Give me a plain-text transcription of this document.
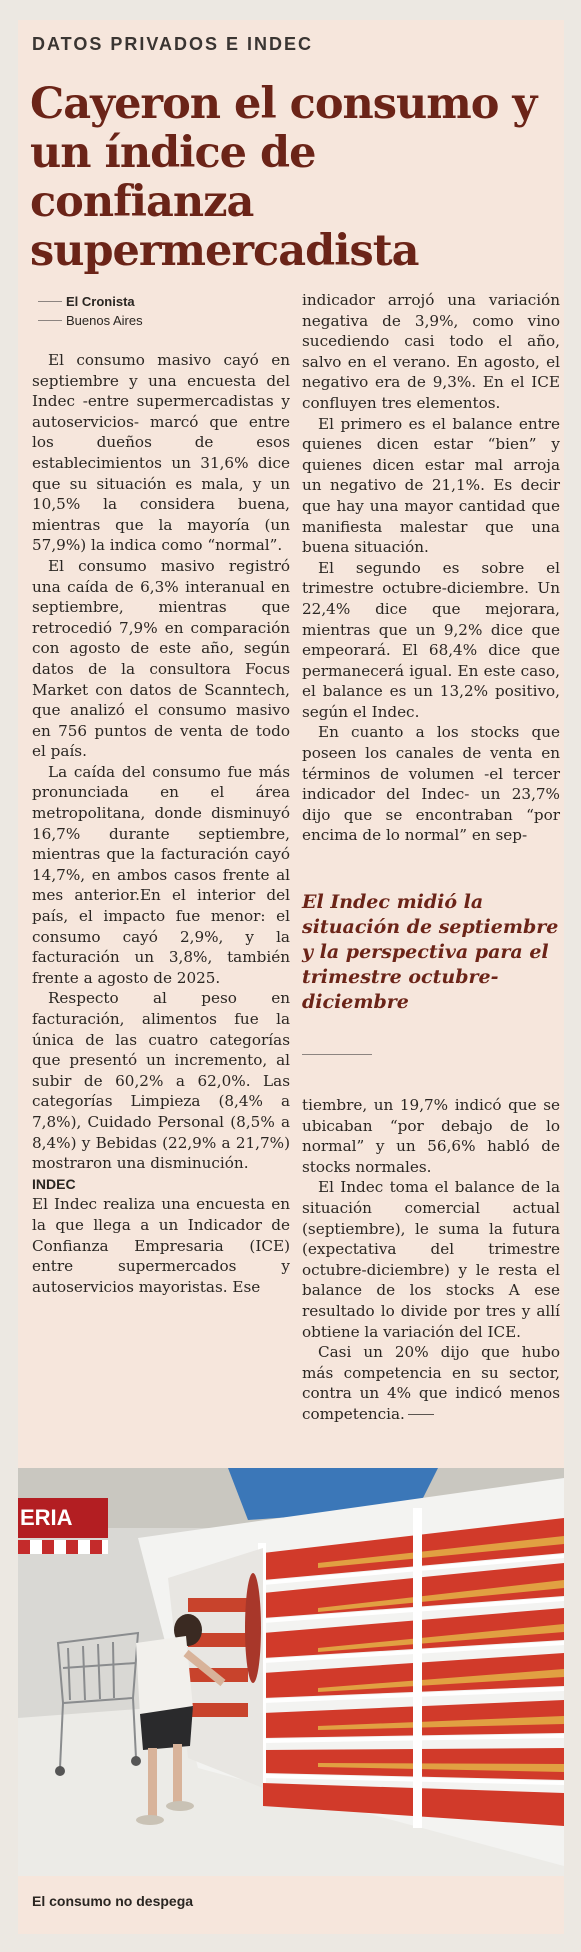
DATOS PRIVADOS E INDEC
Cayeron el consumo y un índice de confianza supermercadista
El Cronista
Buenos Aires

El consumo masivo cayó en septiembre y una encuesta del Indec -entre supermercadistas y autoservicios- marcó que entre los dueños de esos establecimientos un 31,6% dice que su situación es mala, y un 10,5% la considera buena, mientras que la mayoría (un 57,9%) la indica como “normal”.

El consumo masivo registró una caída de 6,3% interanual en septiembre, mientras que retrocedió 7,9% en comparación con agosto de este año, según datos de la consultora Focus Market con datos de Scanntech, que analizó el consumo masivo en 756 puntos de venta de todo el país.

La caída del consumo fue más pronunciada en el área metropolitana, donde disminuyó 16,7% durante septiembre, mientras que la facturación cayó 14,7%, en ambos casos frente al mes anterior.En el interior del país, el impacto fue menor: el consumo cayó 2,9%, y la facturación un 3,8%, también frente a agosto de 2025.

Respecto al peso en facturación, alimentos fue la única de las cuatro categorías que presentó un incremento, al subir de 60,2% a 62,0%. Las categorías Limpieza (8,4% a 7,8%), Cuidado Personal (8,5% a 8,4%) y Bebidas (22,9% a 21,7%) mostraron una disminución.

INDEC

El Indec realiza una encuesta en la que llega a un Indicador de Confianza Empresaria (ICE) entre supermercados y autoservicios mayoristas. Ese

indicador arrojó una variación negativa de 3,9%, como vino sucediendo casi todo el año, salvo en el verano. En agosto, el negativo era de 9,3%. En el ICE confluyen tres elementos.

El primero es el balance entre quienes dicen estar “bien” y quienes dicen estar mal arroja un negativo de 21,1%. Es decir que hay una mayor cantidad que manifiesta malestar que una buena situación.

El segundo es sobre el trimestre octubre-diciembre. Un 22,4% dice que mejorara, mientras que un 9,2% dice que empeorará. El 68,4% dice que permanecerá igual. En este caso, el balance es un 13,2% positivo, según el Indec.

En cuanto a los stocks que poseen los canales de venta en términos de volumen -el tercer indicador del Indec- un 23,7% dijo que se encontraban “por encima de lo normal” en sep-

El Indec midió la situación de septiembre y la perspectiva para el trimestre octubre-diciembre

tiembre, un 19,7% indicó que se ubicaban “por debajo de lo normal” y un 56,6% habló de stocks normales.

El Indec toma el balance de la situación comercial actual (septiembre), le suma la futura (expectativa del trimestre octubre-diciembre) y le resta el balance de los stocks A ese resultado lo divide por tres y allí obtiene la variación del ICE.

Casi un 20% dijo que hubo más competencia en su sector, contra un 4% que indicó menos competencia.

ERIA
El consumo no despega
